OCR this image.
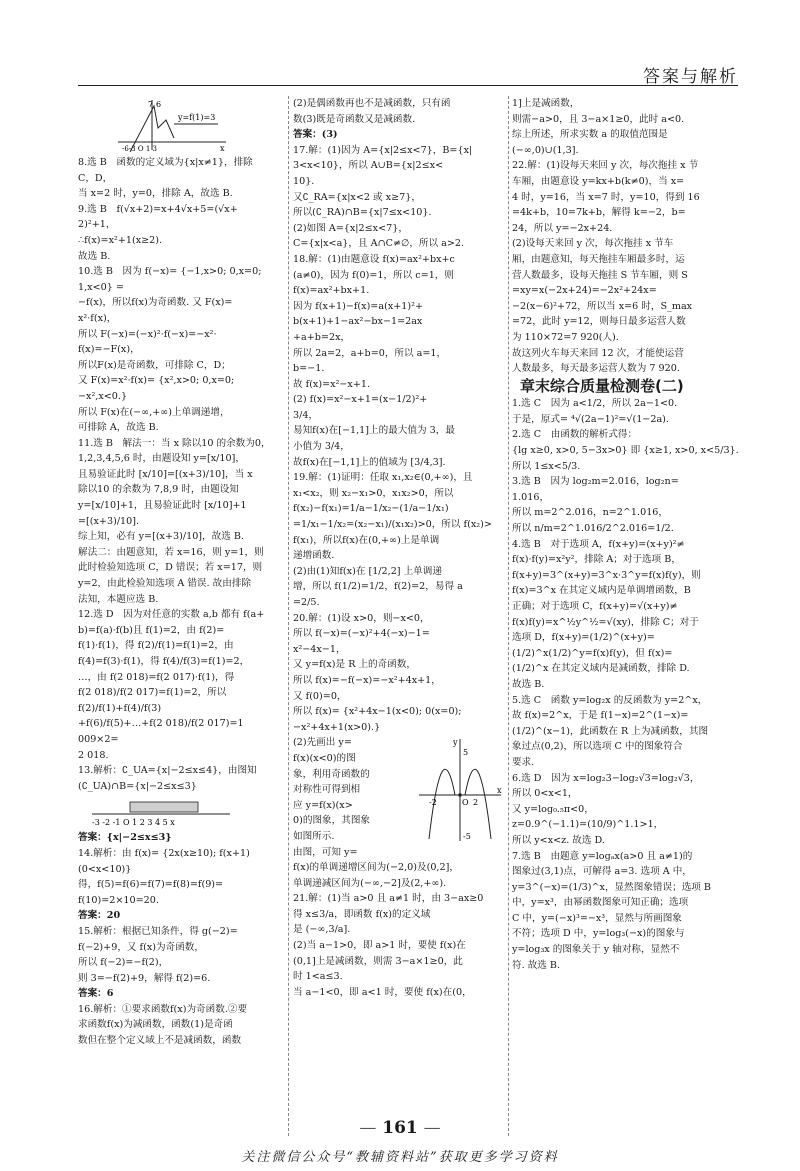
答案与解析
7 6
y=f(1)=3
x
-6-3 O 1 3

8.选 B　函数的定义域为{x|x≠1}，排除

C，D，

当 x=2 时，y=0，排除 A，故选 B.

9.选 B　f(√x+2)=x+4√x+5=(√x+

2)²+1，

∴f(x)=x²+1(x≥2).

故选 B.

10.选 B　因为 f(−x)= {−1,x>0; 0,x=0; 1,x<0} =

−f(x)，所以f(x)为奇函数. 又 F(x)=

x²·f(x)，

所以 F(−x)=(−x)²·f(−x)=−x²·

f(x)=−F(x)，

所以F(x)是奇函数，可排除 C，D；

又 F(x)=x²·f(x)= {x²,x>0; 0,x=0; −x²,x<0.}

所以 F(x)在(−∞,+∞)上单调递增，

可排除 A，故选 B.

11.选 B　解法一：当 x 除以10 的余数为0，

1,2,3,4,5,6 时，由题设知 y=[x/10]，

且易验证此时 [x/10]=[(x+3)/10]，当 x

除以10 的余数为 7,8,9 时，由题设知

y=[x/10]+1，且易验证此时 [x/10]+1

=[(x+3)/10].

综上知，必有 y=[(x+3)/10]，故选 B.

解法二：由题意知，若 x=16，则 y=1，则

此时检验知选项 C，D 错误；若 x=17，则

y=2，由此检验知选项 A 错误. 故由排除

法知，本题应选 B.

12.选 D　因为对任意的实数 a,b 都有 f(a+

b)=f(a)·f(b)且 f(1)=2，由 f(2)=

f(1)·f(1)，得 f(2)/f(1)=f(1)=2，由

f(4)=f(3)·f(1)，得 f(4)/f(3)=f(1)=2，

…，由 f(2 018)=f(2 017)·f(1)，得

f(2 018)/f(2 017)=f(1)=2，所以 f(2)/f(1)+f(4)/f(3)

+f(6)/f(5)+…+f(2 018)/f(2 017)=1 009×2=

2 018.

13.解析：∁_UA={x|−2≤x≤4}，由图知

(∁_UA)∩B={x|−2≤x≤3}

-3 -2 -1 O 1 2 3 4 5 x

答案：{x|−2≤x≤3}

14.解析：由 f(x)= {2x(x≥10); f(x+1)(0<x<10)}

得，f(5)=f(6)=f(7)=f(8)=f(9)=

f(10)=2×10=20.

答案：20

15.解析：根据已知条件，得 g(−2)=

f(−2)+9，又 f(x)为奇函数，

所以 f(−2)=−f(2)，

则 3=−f(2)+9，解得 f(2)=6.

答案：6

16.解析：①要求函数f(x)为奇函数.②要

求函数f(x)为减函数，函数(1)是奇函

数但在整个定义域上不是减函数，函数

(2)是偶函数再也不是减函数，只有函

数(3)既是奇函数又是减函数.

答案：(3)

17.解：(1)因为 A={x|2≤x<7}，B={x|

3<x<10}，所以 A∪B={x|2≤x<

10}.

又∁_RA={x|x<2 或 x≥7}，

所以(∁_RA)∩B={x|7≤x<10}.

(2)如图 A={x|2≤x<7}，

C={x|x<a}，且 A∩C≠∅，所以 a>2.

18.解：(1)由题意设 f(x)=ax²+bx+c

(a≠0)，因为 f(0)=1，所以 c=1，则

f(x)=ax²+bx+1.

因为 f(x+1)−f(x)=a(x+1)²+

b(x+1)+1−ax²−bx−1=2ax

+a+b=2x，

所以 2a=2，a+b=0，所以 a=1，

b=−1.

故 f(x)=x²−x+1.

(2) f(x)=x²−x+1=(x−1/2)²+

3/4，

易知f(x)在[−1,1]上的最大值为 3，最

小值为 3/4，

故f(x)在[−1,1]上的值域为 [3/4,3].

19.解：(1)证明：任取 x₁,x₂∈(0,+∞)，且

x₁<x₂，则 x₂−x₁>0，x₁x₂>0，所以

f(x₂)−f(x₁)=1/a−1/x₂−(1/a−1/x₁)

=1/x₁−1/x₂=(x₂−x₁)/(x₁x₂)>0，所以 f(x₂)>

f(x₁)，所以f(x)在(0,+∞)上是单调

递增函数.

(2)由(1)知f(x)在 [1/2,2] 上单调递

增，所以 f(1/2)=1/2，f(2)=2，易得 a

=2/5.

20.解：(1)设 x>0，则−x<0，

所以 f(−x)=(−x)²+4(−x)−1=

x²−4x−1，

又 y=f(x)是 R 上的奇函数，

所以 f(x)=−f(−x)=−x²+4x+1，

又 f(0)=0，

所以 f(x)= {x²+4x−1(x<0); 0(x=0); −x²+4x+1(x>0).}

y
5
-2	2
O
x
-5

(2)先画出 y=

f(x)(x<0)的图

象，利用奇函数的

对称性可得到相

应 y=f(x)(x>

0)的图象，其图象

如图所示.

由图，可知 y=

f(x)的单调递增区间为(−2,0)及(0,2]，

单调递减区间为(−∞,−2]及(2,+∞).

21.解：(1)当 a>0 且 a≠1 时，由 3−ax≥0

得 x≤3/a，即函数 f(x)的定义域

是 (−∞,3/a].

(2)当 a−1>0，即 a>1 时，要使 f(x)在

(0,1]上是减函数，则需 3−a×1≥0，此

时 1<a≤3.

当 a−1<0，即 a<1 时，要使 f(x)在(0，

1]上是减函数，

则需−a>0，且 3−a×1≥0，此时 a<0.

综上所述，所求实数 a 的取值范围是

(−∞,0)∪(1,3].

22.解：(1)设每天来回 y 次，每次拖挂 x 节

车厢，由题意设 y=kx+b(k≠0)，当 x=

4 时，y=16，当 x=7 时，y=10，得到 16

=4k+b，10=7k+b，解得 k=−2，b=

24，所以 y=−2x+24.

(2)设每天来回 y 次，每次拖挂 x 节车

厢，由题意知，每天拖挂车厢最多时，运

营人数最多，设每天拖挂 S 节车厢，则 S

=xy=x(−2x+24)=−2x²+24x=

−2(x−6)²+72，所以当 x=6 时，S_max

=72，此时 y=12，则每日最多运营人数

为 110×72=7 920(人).

故这列火车每天来回 12 次，才能使运营

人数最多，每天最多运营人数为 7 920.

章末综合质量检测卷(二)

1.选 C　因为 a<1/2，所以 2a−1<0.

于是，原式= ⁴√(2a−1)²=√(1−2a).

2.选 C　由函数的解析式得：

{lg x≥0, x>0, 5−3x>0} 即 {x≥1, x>0, x<5/3}.

所以 1≤x<5/3.

3.选 B　因为 log₂m=2.016，log₂n=

1.016，

所以 m=2^2.016，n=2^1.016，

所以 n/m=2^1.016/2^2.016=1/2.

4.选 B　对于选项 A，f(x+y)=(x+y)²≠

f(x)·f(y)=x²y²，排除 A；对于选项 B，

f(x+y)=3^(x+y)=3^x·3^y=f(x)f(y)，则

f(x)=3^x 在其定义域内是单调增函数，B

正确；对于选项 C，f(x+y)=√(x+y)≠

f(x)f(y)=x^½y^½=√(xy)，排除 C；对于

选项 D，f(x+y)=(1/2)^(x+y)=

(1/2)^x(1/2)^y=f(x)f(y)，但 f(x)=

(1/2)^x 在其定义域内是减函数，排除 D.

故选 B.

5.选 C　函数 y=log₂x 的反函数为 y=2^x，

故 f(x)=2^x，于是 f(1−x)=2^(1−x)=

(1/2)^(x−1)，此函数在 R 上为减函数，其图

象过点(0,2)，所以选项 C 中的图象符合

要求.

6.选 D　因为 x=log₂3−log₂√3=log₂√3，

所以 0<x<1，

又 y=log₀.₅π<0，

z=0.9^(−1.1)=(10/9)^1.1>1，

所以 y<x<z. 故选 D.

7.选 B　由题意 y=logₐx(a>0 且 a≠1)的

图象过(3,1)点，可解得 a=3. 选项 A 中，

y=3^(−x)=(1/3)^x，显然图象错误；选项 B

中，y=x³，由幂函数图象可知正确；选项

C 中，y=(−x)³=−x³，显然与所画图象

不符；选项 D 中，y=log₃(−x)的图象与

y=log₃x 的图象关于 y 轴对称，显然不

符. 故选 B.

— 161 —
关注微信公众号“教辅资料站”获取更多学习资料
